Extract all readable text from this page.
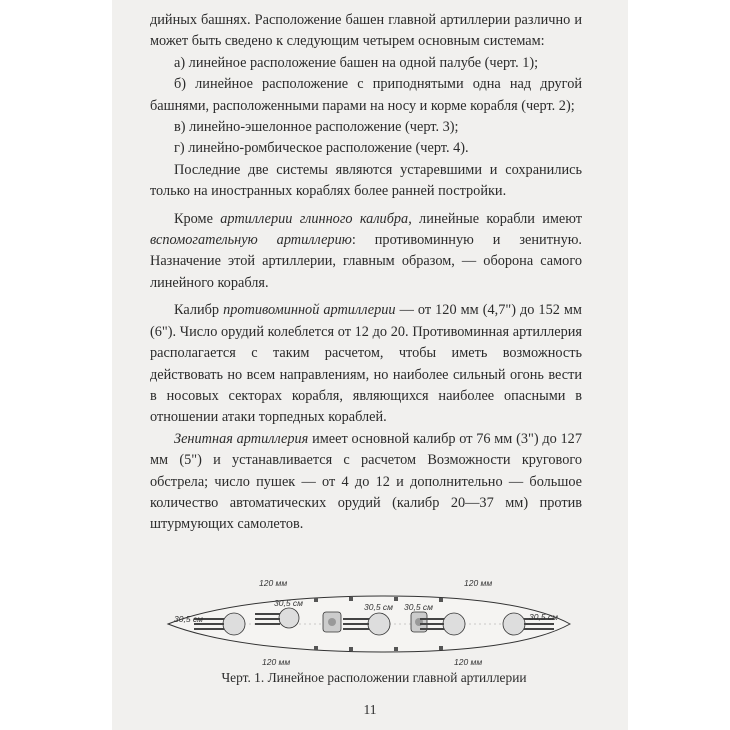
дийных башнях. Расположение башен главной артиллерии различно и может быть сведено к следующим четырем основным системам:

а) линейное расположение башен на одной палубе (черт. 1);

б) линейное расположение с приподнятыми одна над другой башнями, расположенными парами на носу и корме корабля (черт. 2);

в) линейно-эшелонное расположение (черт. 3);

г) линейно-ромбическое расположение (черт. 4).

Последние две системы являются устаревшими и сохранились только на иностранных кораблях более ранней постройки.

Кроме артиллерии глинного калибра, линейные корабли имеют вспомогательную артиллерию: противоминную и зенитную. Назначение этой артиллерии, главным образом, — оборона самого линейного корабля.

Калибр противоминной артиллерии — от 120 мм (4,7") до 152 мм (6"). Число орудий колеблется от 12 до 20. Противоминная артиллерия располагается с таким расчетом, чтобы иметь возможность действовать но всем направлениям, но наиболее сильный огонь вести в носовых секторах корабля, являющихся наиболее опасными в отношении атаки торпедных кораблей.

Зенитная артиллерия имеет основной калибр от 76 мм (3") до 127 мм (5") и устанавливается с расчетом Возможности кругового обстрела; число пушек — от 4 до 12 и дополнительно — большое количество автоматических орудий (калибр 20—37 мм) против штурмующих самолетов.

120 мм	120 мм
120 мм	120 мм
30,5 см
30,5 см	30,5 см 30,5 см
30,5 см
Черт. 1. Линейное расположении главной артиллерии
11
